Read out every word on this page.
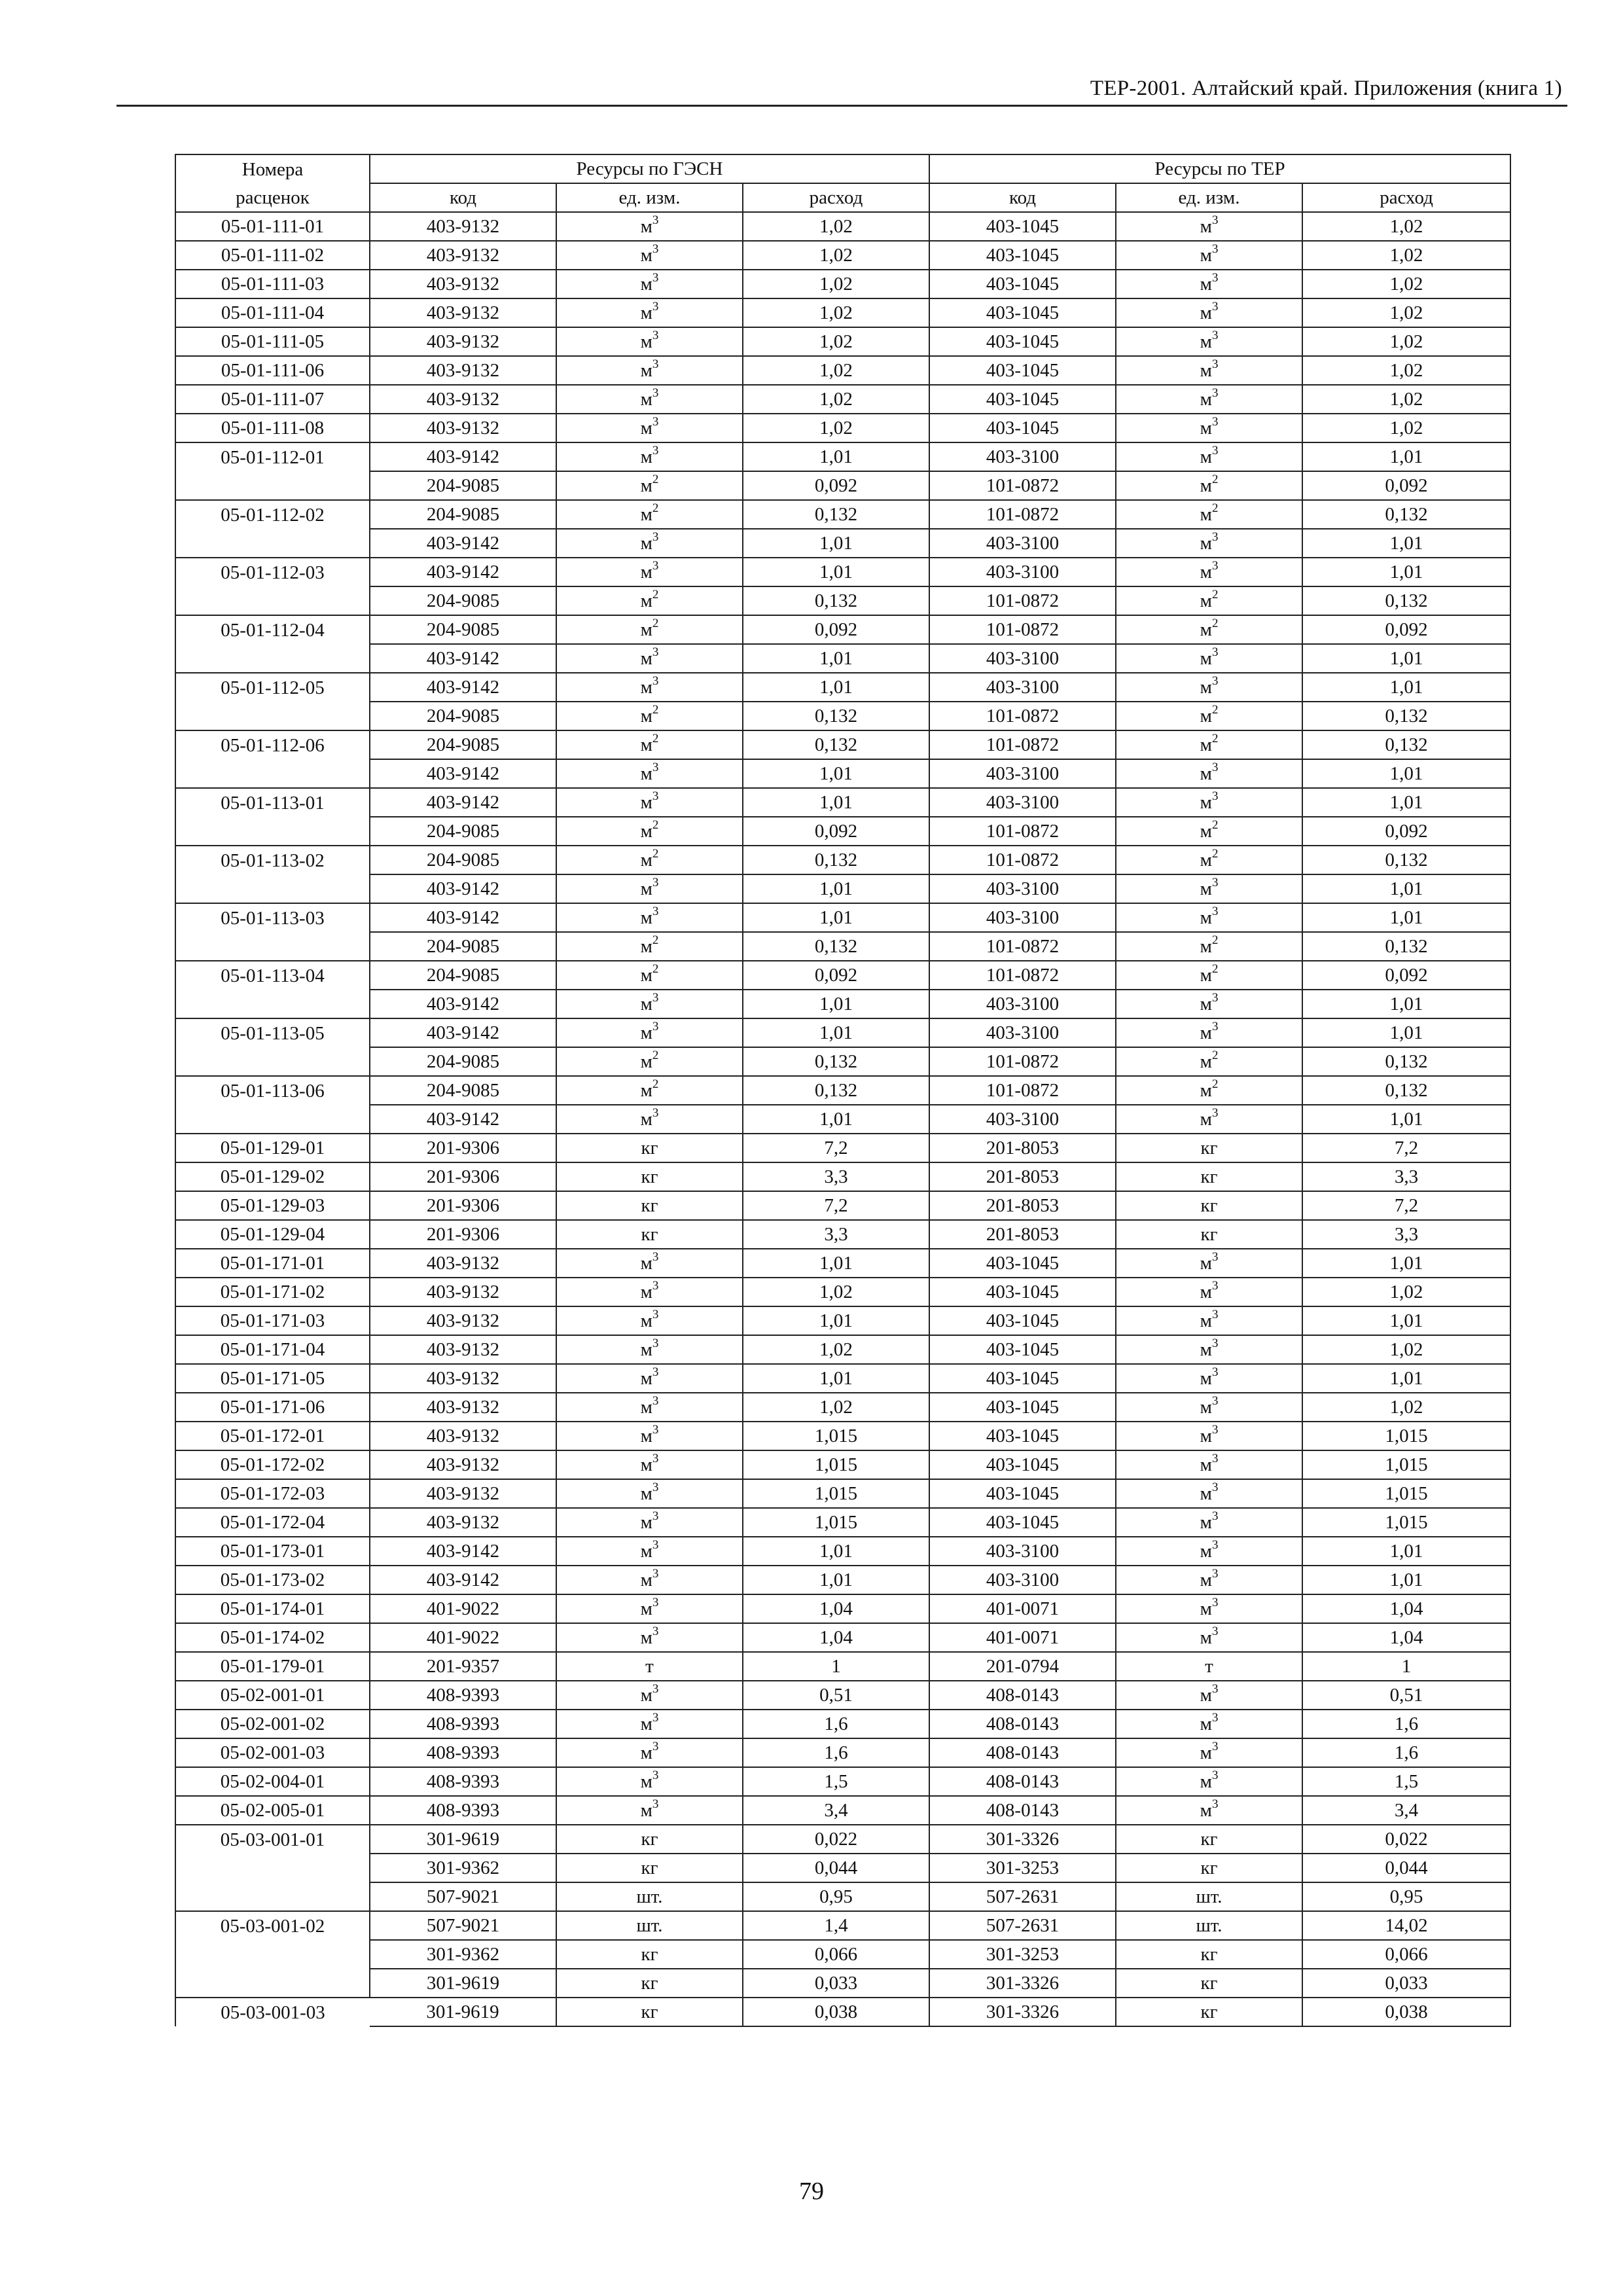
ТЕР-2001. Алтайский край. Приложения (книга 1)
Номера	Ресурсы по ГЭСН			Ресурсы по ТЕР		
расценок	код	ед. изм.	расход	код	ед. изм.	расход
05-01-111-01	403-9132	$м^3$	1,02	403-1045	$м^3$	1,02
05-01-111-02	403-9132	$м^3$	1,02	403-1045	$м^3$	1,02
05-01-111-03	403-9132	$м^3$	1,02	403-1045	$м^3$	1,02
05-01-111-04	403-9132	$м^3$	1,02	403-1045	$м^3$	1,02
05-01-111-05	403-9132	$м^3$	1,02	403-1045	$м^3$	1,02
05-01-111-06	403-9132	$м^3$	1,02	403-1045	$м^3$	1,02
05-01-111-07	403-9132	$м^3$	1,02	403-1045	$м^3$	1,02
05-01-111-08	403-9132	$м^3$	1,02	403-1045	$м^3$	1,02
05-01-112-01	403-9142	$м^3$	1,01	403-3100	$м^3$	1,01
	204-9085	$м^2$	0,092	101-0872	$м^2$	0,092
05-01-112-02	204-9085	$м^2$	0,132	101-0872	$м^2$	0,132
	403-9142	$м^3$	1,01	403-3100	$м^3$	1,01
05-01-112-03	403-9142	$м^3$	1,01	403-3100	$м^3$	1,01
	204-9085	$м^2$	0,132	101-0872	$м^2$	0,132
05-01-112-04	204-9085	$м^2$	0,092	101-0872	$м^2$	0,092
	403-9142	$м^3$	1,01	403-3100	$м^3$	1,01
05-01-112-05	403-9142	$м^3$	1,01	403-3100	$м^3$	1,01
	204-9085	$м^2$	0,132	101-0872	$м^2$	0,132
05-01-112-06	204-9085	$м^2$	0,132	101-0872	$м^2$	0,132
	403-9142	$м^3$	1,01	403-3100	$м^3$	1,01
05-01-113-01	403-9142	$м^3$	1,01	403-3100	$м^3$	1,01
	204-9085	$м^2$	0,092	101-0872	$м^2$	0,092
05-01-113-02	204-9085	$м^2$	0,132	101-0872	$м^2$	0,132
	403-9142	$м^3$	1,01	403-3100	$м^3$	1,01
05-01-113-03	403-9142	$м^3$	1,01	403-3100	$м^3$	1,01
	204-9085	$м^2$	0,132	101-0872	$м^2$	0,132
05-01-113-04	204-9085	$м^2$	0,092	101-0872	$м^2$	0,092
	403-9142	$м^3$	1,01	403-3100	$м^3$	1,01
05-01-113-05	403-9142	$м^3$	1,01	403-3100	$м^3$	1,01
	204-9085	$м^2$	0,132	101-0872	$м^2$	0,132
05-01-113-06	204-9085	$м^2$	0,132	101-0872	$м^2$	0,132
	403-9142	$м^3$	1,01	403-3100	$м^3$	1,01
05-01-129-01	201-9306	кг	7,2	201-8053	кг	7,2
05-01-129-02	201-9306	кг	3,3	201-8053	кг	3,3
05-01-129-03	201-9306	кг	7,2	201-8053	кг	7,2
05-01-129-04	201-9306	кг	3,3	201-8053	кг	3,3
05-01-171-01	403-9132	$м^3$	1,01	403-1045	$м^3$	1,01
05-01-171-02	403-9132	$м^3$	1,02	403-1045	$м^3$	1,02
05-01-171-03	403-9132	$м^3$	1,01	403-1045	$м^3$	1,01
05-01-171-04	403-9132	$м^3$	1,02	403-1045	$м^3$	1,02
05-01-171-05	403-9132	$м^3$	1,01	403-1045	$м^3$	1,01
05-01-171-06	403-9132	$м^3$	1,02	403-1045	$м^3$	1,02
05-01-172-01	403-9132	$м^3$	1,015	403-1045	$м^3$	1,015
05-01-172-02	403-9132	$м^3$	1,015	403-1045	$м^3$	1,015
05-01-172-03	403-9132	$м^3$	1,015	403-1045	$м^3$	1,015
05-01-172-04	403-9132	$м^3$	1,015	403-1045	$м^3$	1,015
05-01-173-01	403-9142	$м^3$	1,01	403-3100	$м^3$	1,01
05-01-173-02	403-9142	$м^3$	1,01	403-3100	$м^3$	1,01
05-01-174-01	401-9022	$м^3$	1,04	401-0071	$м^3$	1,04
05-01-174-02	401-9022	$м^3$	1,04	401-0071	$м^3$	1,04
05-01-179-01	201-9357	т	1	201-0794	т	1
05-02-001-01	408-9393	$м^3$	0,51	408-0143	$м^3$	0,51
05-02-001-02	408-9393	$м^3$	1,6	408-0143	$м^3$	1,6
05-02-001-03	408-9393	$м^3$	1,6	408-0143	$м^3$	1,6
05-02-004-01	408-9393	$м^3$	1,5	408-0143	$м^3$	1,5
05-02-005-01	408-9393	$м^3$	3,4	408-0143	$м^3$	3,4
05-03-001-01	301-9619	кг	0,022	301-3326	кг	0,022
	301-9362	кг	0,044	301-3253	кг	0,044
	507-9021	шт.	0,95	507-2631	шт.	0,95
05-03-001-02	507-9021	шт.	1,4	507-2631	шт.	14,02
	301-9362	кг	0,066	301-3253	кг	0,066
	301-9619	кг	0,033	301-3326	кг	0,033
05-03-001-03	301-9619	кг	0,038	301-3326	кг	0,038
79
